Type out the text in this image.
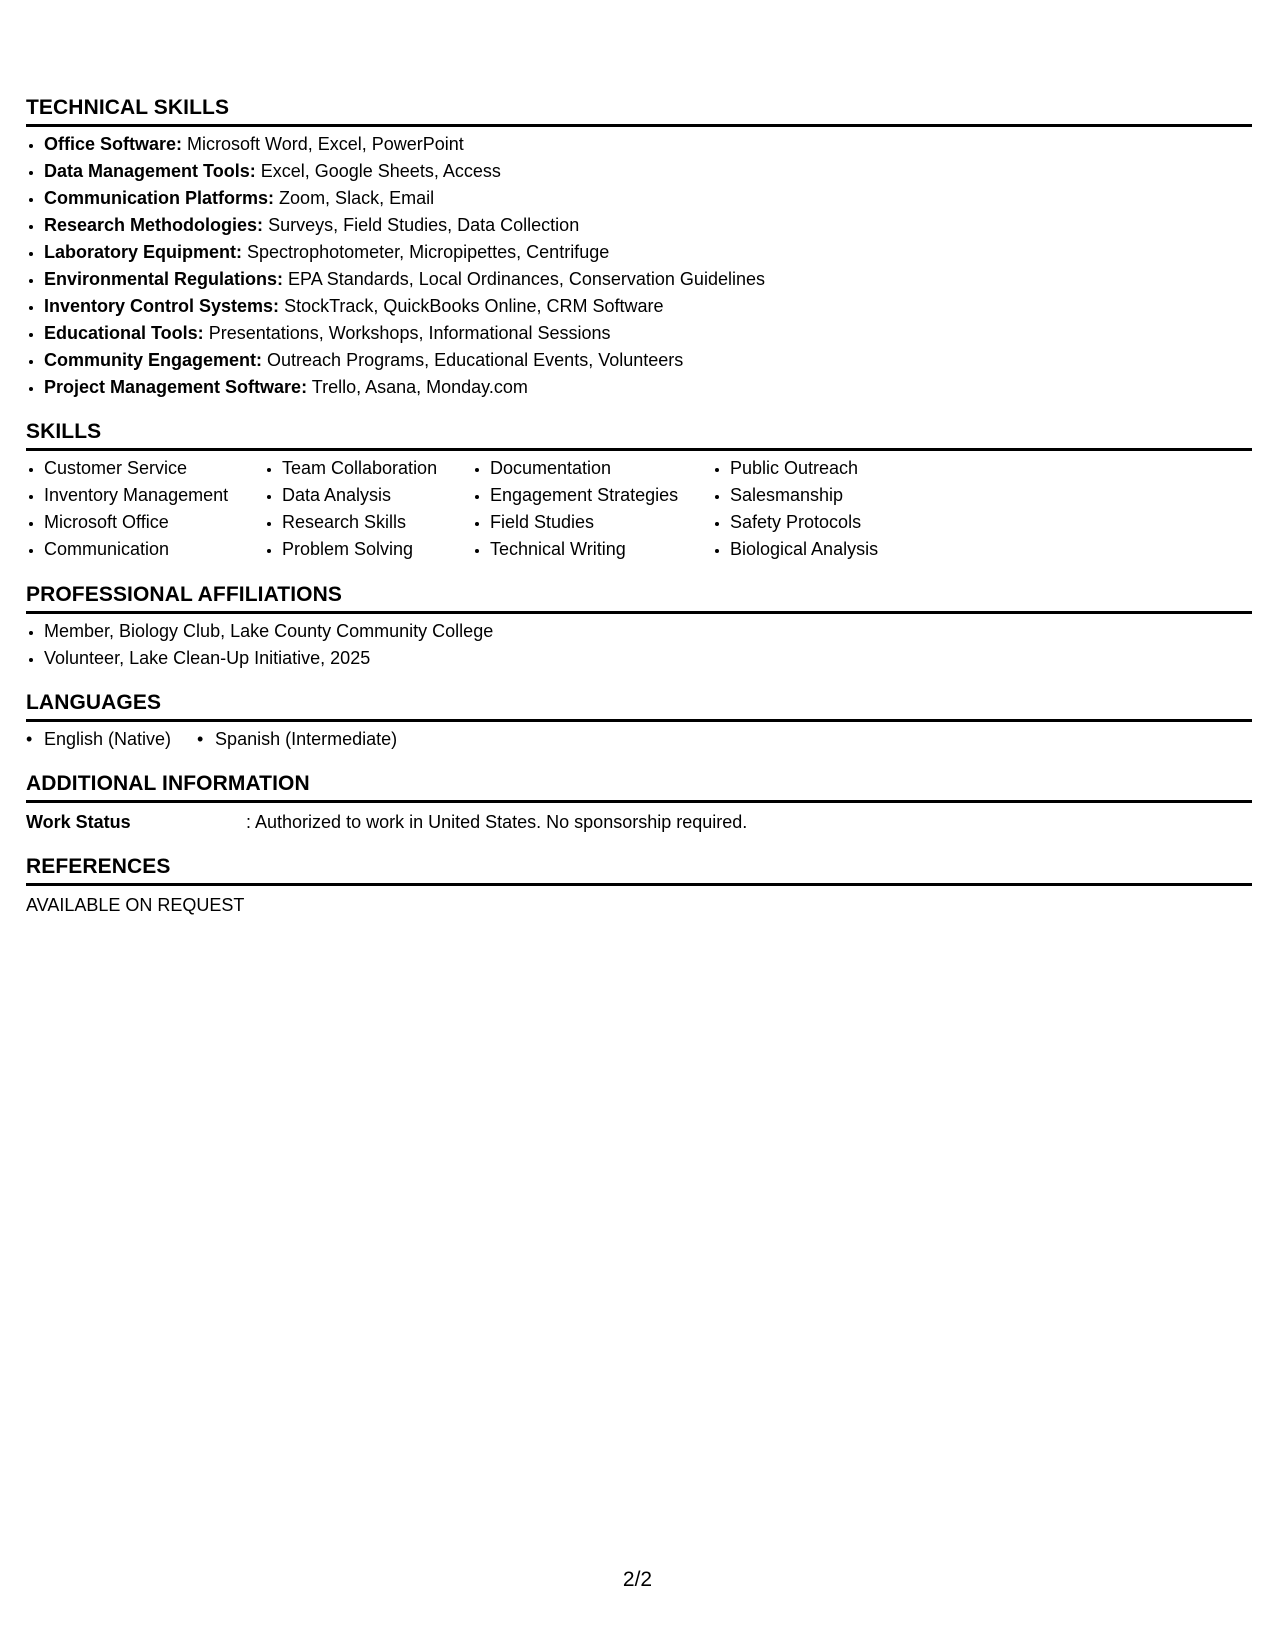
TECHNICAL SKILLS
• Office Software: Microsoft Word, Excel, PowerPoint
• Data Management Tools: Excel, Google Sheets, Access
• Communication Platforms: Zoom, Slack, Email
• Research Methodologies: Surveys, Field Studies, Data Collection
• Laboratory Equipment: Spectrophotometer, Micropipettes, Centrifuge
• Environmental Regulations: EPA Standards, Local Ordinances, Conservation Guidelines
• Inventory Control Systems: StockTrack, QuickBooks Online, CRM Software
• Educational Tools: Presentations, Workshops, Informational Sessions
• Community Engagement: Outreach Programs, Educational Events, Volunteers
• Project Management Software: Trello, Asana, Monday.com
SKILLS
• Customer Service
• Inventory Management
• Microsoft Office
• Communication
• Team Collaboration
• Data Analysis
• Research Skills
• Problem Solving
• Documentation
• Engagement Strategies
• Field Studies
• Technical Writing
• Public Outreach
• Salesmanship
• Safety Protocols
• Biological Analysis
PROFESSIONAL AFFILIATIONS
• Member, Biology Club, Lake County Community College
• Volunteer, Lake Clean-Up Initiative, 2025
LANGUAGES
• English (Native)
•	Spanish (Intermediate)
ADDITIONAL INFORMATION
Work Status	: Authorized to work in United States. No sponsorship required.
REFERENCES
AVAILABLE ON REQUEST
2/2
